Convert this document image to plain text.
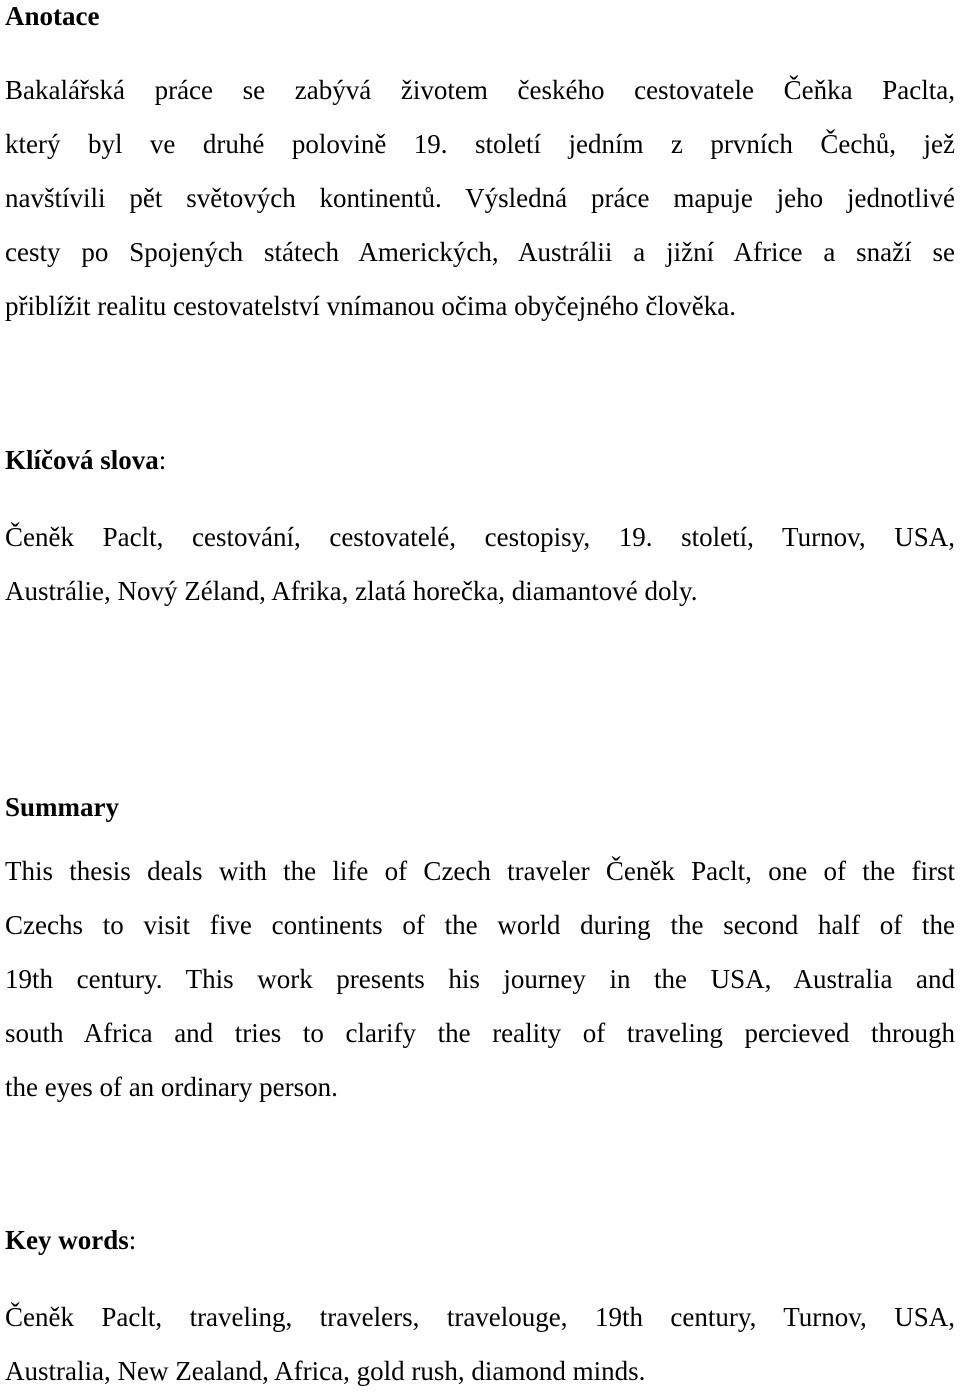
Anotace
Bakalářská práce se zabývá životem českého cestovatele Čeňka Paclta,
který byl ve druhé polovině 19. století jedním z prvních Čechů, jež
navštívili pět světových kontinentů. Výsledná práce mapuje jeho jednotlivé
cesty po Spojených státech Amerických, Austrálii a jižní Africe a snaží se
přiblížit realitu cestovatelství vnímanou očima obyčejného člověka.
Klíčová slova:
Čeněk Paclt, cestování, cestovatelé, cestopisy, 19. století, Turnov, USA,
Austrálie, Nový Zéland, Afrika, zlatá horečka, diamantové doly.
Summary
This thesis deals with the life of Czech traveler Čeněk Paclt, one of the first
Czechs to visit five continents of the world during the second half of the
19th century. This work presents his journey in the USA, Australia and
south Africa and tries to clarify the reality of traveling percieved through
the eyes of an ordinary person.
Key words:
Čeněk Paclt, traveling, travelers, travelouge, 19th century, Turnov, USA,
Australia, New Zealand, Africa, gold rush, diamond minds.
